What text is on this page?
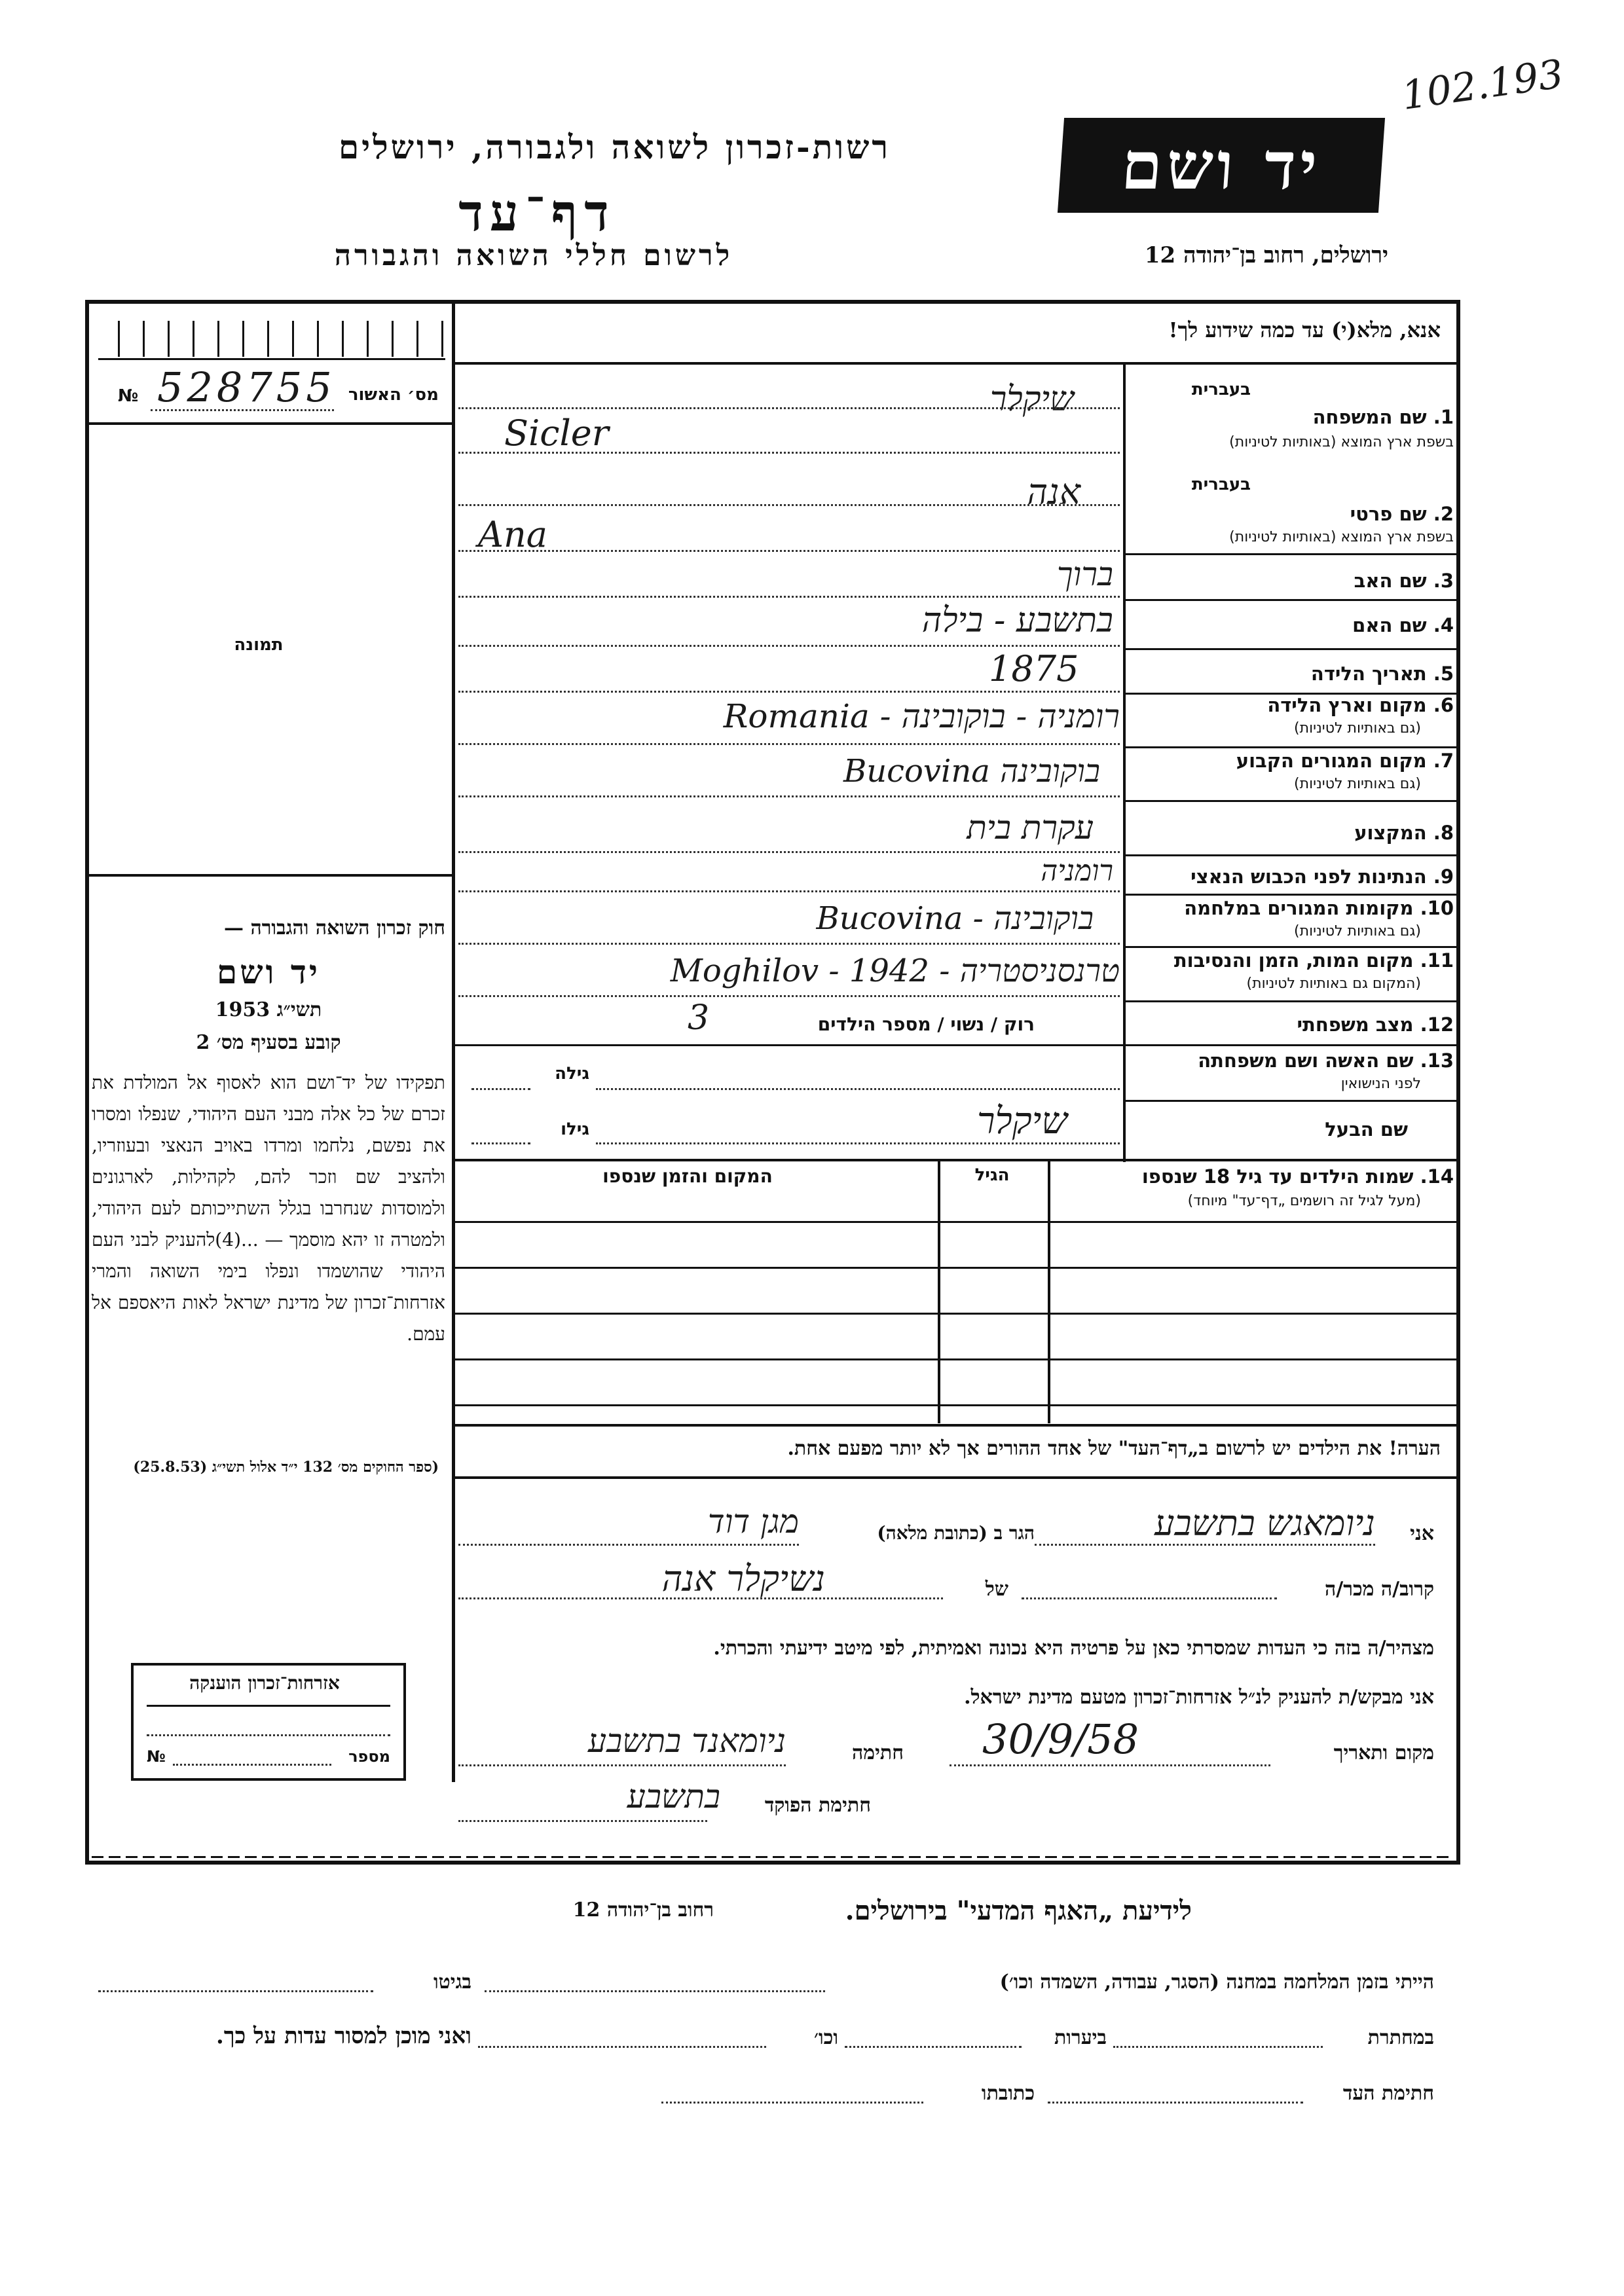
102.193
רשות-זכרון לשואה ולגבורה, ירושלים
דף־עד
לרשום חללי השואה והגבורה
יד ושם
ירושלים, רחוב בן־יהודה 12
אנא, מלא(י) עד כמה שידוע לך!
528755 מס׳ האשור
№
תמונה
חוק זכרון השואה והגבורה —
יד ושם
תשי״ג 1953
קובע בסעיף מס׳ 2
תפקידו של יד־ושם הוא לאסוף אל המולדת את זכרם של כל אלה מבני העם היהודי, שנפלו ומסרו את נפשם, נלחמו ומרדו באויב הנאצי ובעוזריו, ולהציב שם וזכר להם, לקהילות, לארגונים ולמוסדות שנחרבו בגלל השתייכותם לעם היהודי, ולמטרה זו יהא מוסמך — ...(4)להעניק לבני העם היהודי שהושמדו ונפלו בימי השואה והמרי אזרחות־זכרון של מדינת ישראל לאות היאספם אל עמם.
(ספר החוקים מס׳ 132 י״ד אלול תשי״ג (25.8.53)
אזרחות־זכרון הוענקה
מספר
№
בעברית
1. שם המשפחה
בשפת ארץ המוצא (באותיות לטיניות)
שיקלר
Sicler
בעברית
2. שם פרטי
בשפת ארץ המוצא (באותיות לטיניות)
אנה
Ana
3. שם האב
ברוך
4. שם האם
בתשבע - בילה
5. תאריך הלידה
1875
6. מקום וארץ הלידה
(גם באותיות לטיניות)
רומניה - בוקובינה - Romania
7. מקום המגורים הקבוע
(גם באותיות לטיניות)
בוקובינה Bucovina
8. המקצוע
עקרת בית
9. הנתינות לפני הכבוש הנאצי
רומניה
10. מקומות המגורים במלחמה
(גם באותיות לטיניות)
בוקובינה - Bucovina
11. מקום המות, הזמן והנסיבות
(המקום גם באותיות לטיניות)
טרנסניסטריה - 1942 - Moghilov
12. מצב משפחתי
רוק / נשוי / מספר הילדים
3
13. שם האשה ושם משפחתה
לפני הנישואין
גילה
שם הבעל
גילו	שיקלר
14. שמות הילדים עד גיל 18 שנספו
(מעל לגיל זה רושמים „דף־עד" מיוחד)
הגיל
המקום והזמן שנספו
הערה! את הילדים יש לרשום ב„דף־העד" של אחד ההורים אך לא יותר מפעם אחת.
אני
ניומאגש בתשבע
הגר ב (כתובת מלאה)
מגן דוד
קרוב/ה מכר/ה
של
נשיקלר אנה
מצהיר/ה בזה כי העדות שמסרתי כאן על פרטיה היא נכונה ואמיתית, לפי מיטב ידיעתי והכרתי.
אני מבקש/ת להעניק לנ״ל אזרחות־זכרון מטעם מדינת ישראל.
מקום ותאריך
30/9/58
חתימה
ניומאנד בתשבע
חתימת הפוקד
בתשבע
לידיעת „האגף המדעי" בירושלים.
רחוב בן־יהודה 12
הייתי בזמן המלחמה במחנה (הסגר, עבודה, השמדה וכו׳)
בגיטו
במחתרת
ביערות
וכו׳
ואני מוכן למסור עדות על כך.
חתימת העד
כתובתו
